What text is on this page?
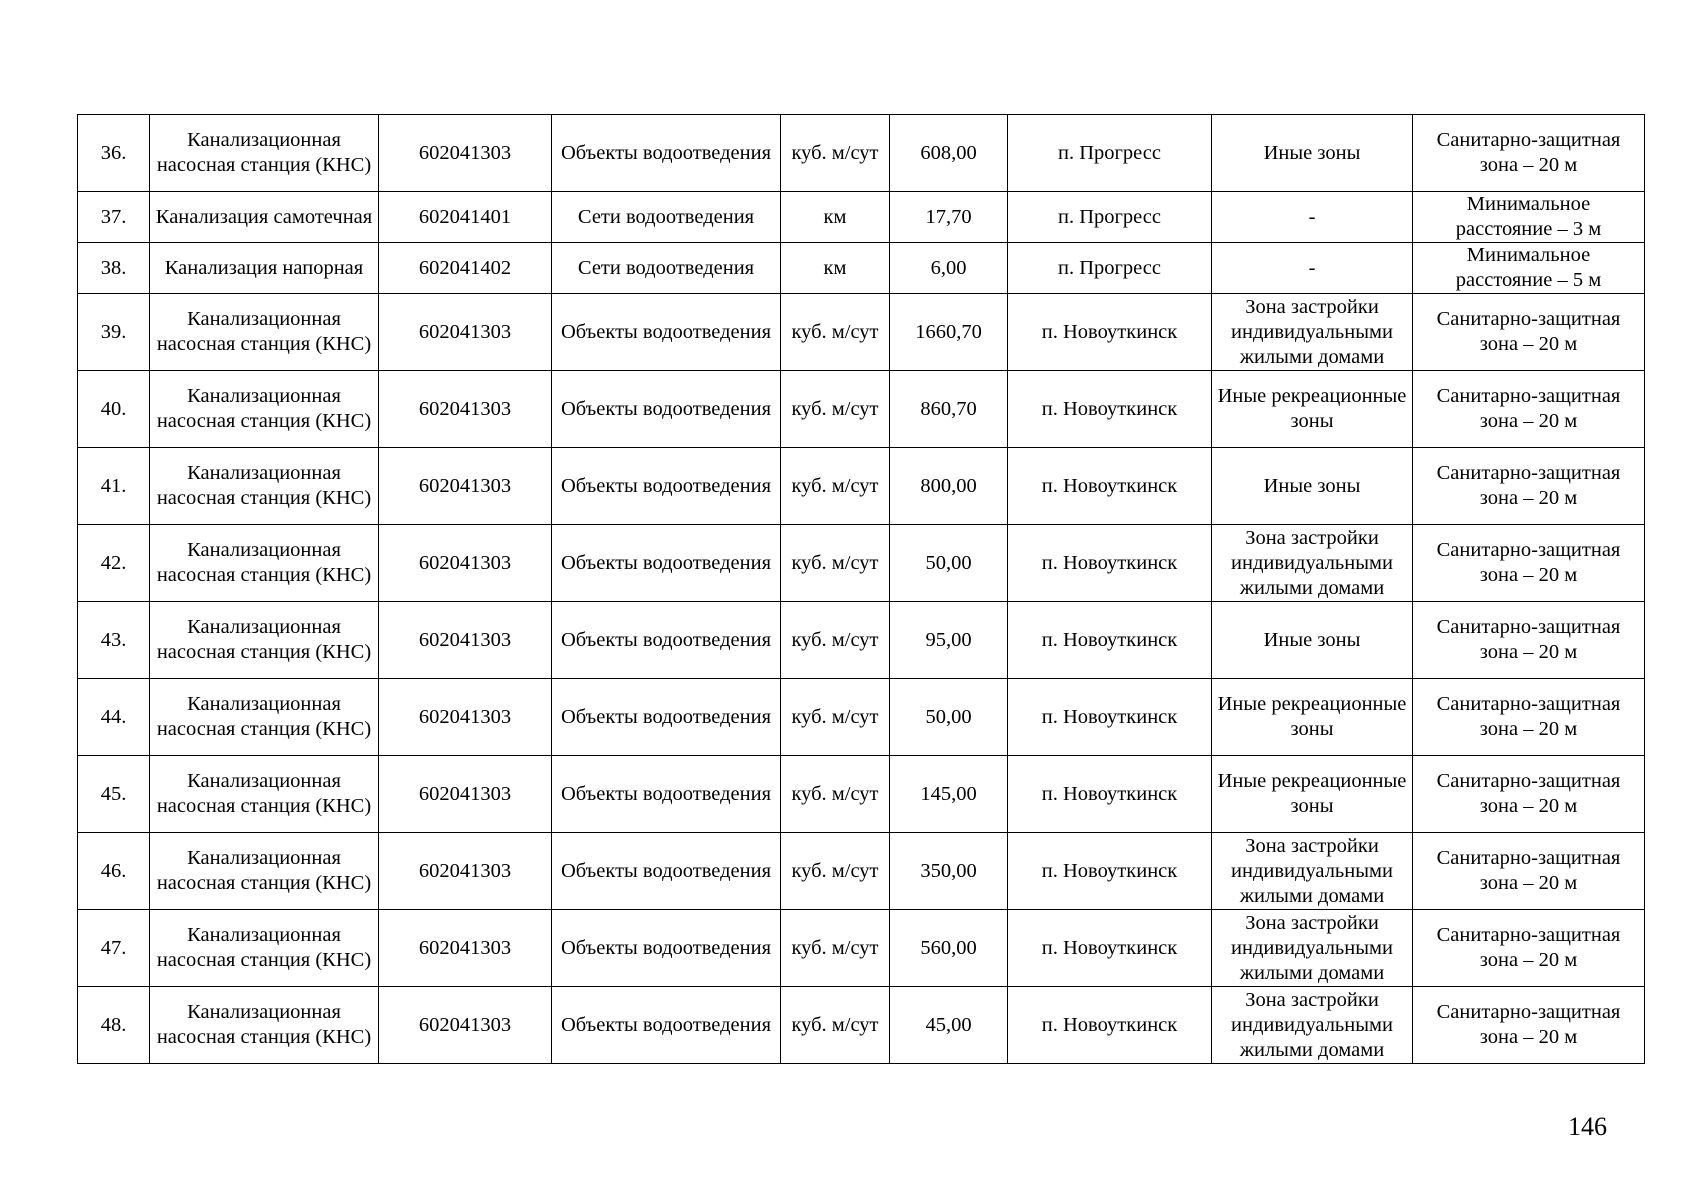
36.	Канализационная насосная станция (КНС)	602041303	Объекты водоотведения	куб. м/сут	608,00	п. Прогресс	Иные зоны	Санитарно-защитная зона – 20 м
37.	Канализация самотечная	602041401	Сети водоотведения	км	17,70	п. Прогресс	-	Минимальное расстояние – 3 м
38.	Канализация напорная	602041402	Сети водоотведения	км	6,00	п. Прогресс	-	Минимальное расстояние – 5 м
39.	Канализационная насосная станция (КНС)	602041303	Объекты водоотведения	куб. м/сут	1660,70	п. Новоуткинск	Зона застройки индивидуальными жилыми домами	Санитарно-защитная зона – 20 м
40.	Канализационная насосная станция (КНС)	602041303	Объекты водоотведения	куб. м/сут	860,70	п. Новоуткинск	Иные рекреационные зоны	Санитарно-защитная зона – 20 м
41.	Канализационная насосная станция (КНС)	602041303	Объекты водоотведения	куб. м/сут	800,00	п. Новоуткинск	Иные зоны	Санитарно-защитная зона – 20 м
42.	Канализационная насосная станция (КНС)	602041303	Объекты водоотведения	куб. м/сут	50,00	п. Новоуткинск	Зона застройки индивидуальными жилыми домами	Санитарно-защитная зона – 20 м
43.	Канализационная насосная станция (КНС)	602041303	Объекты водоотведения	куб. м/сут	95,00	п. Новоуткинск	Иные зоны	Санитарно-защитная зона – 20 м
44.	Канализационная насосная станция (КНС)	602041303	Объекты водоотведения	куб. м/сут	50,00	п. Новоуткинск	Иные рекреационные зоны	Санитарно-защитная зона – 20 м
45.	Канализационная насосная станция (КНС)	602041303	Объекты водоотведения	куб. м/сут	145,00	п. Новоуткинск	Иные рекреационные зоны	Санитарно-защитная зона – 20 м
46.	Канализационная насосная станция (КНС)	602041303	Объекты водоотведения	куб. м/сут	350,00	п. Новоуткинск	Зона застройки индивидуальными жилыми домами	Санитарно-защитная зона – 20 м
47.	Канализационная насосная станция (КНС)	602041303	Объекты водоотведения	куб. м/сут	560,00	п. Новоуткинск	Зона застройки индивидуальными жилыми домами	Санитарно-защитная зона – 20 м
48.	Канализационная насосная станция (КНС)	602041303	Объекты водоотведения	куб. м/сут	45,00	п. Новоуткинск	Зона застройки индивидуальными жилыми домами	Санитарно-защитная зона – 20 м
146
